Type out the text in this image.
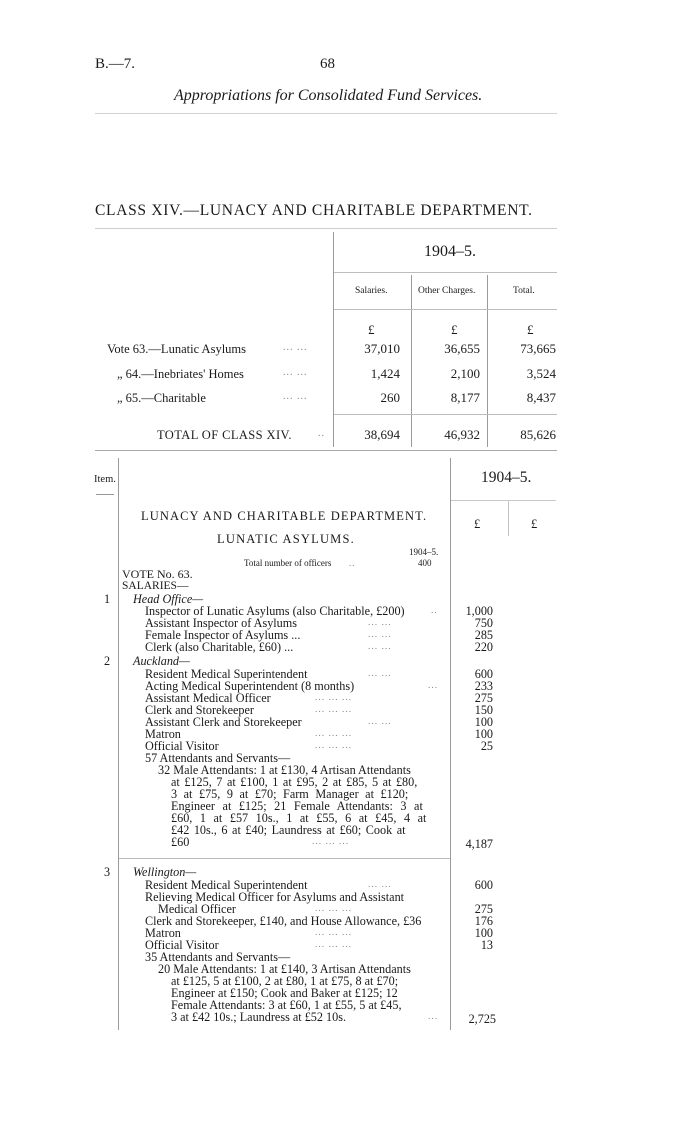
B.—7.	68
Appropriations for Consolidated Fund Services.
CLASS XIV.—LUNACY AND CHARITABLE DEPARTMENT.
1904–5.
Salaries.	Other Charges.	Total.
£	£	£
Vote 63.—Lunatic Asylums	... ...	37,010	36,655	73,665
„ 64.—Inebriates' Homes	... ...	1,424	2,100	3,524
„ 65.—Charitable	... ...	260	8,177	8,437
TOTAL OF CLASS XIV.	..	38,694	46,932	85,626
Item.	1904–5.
£	£
LUNACY AND CHARITABLE DEPARTMENT.
LUNATIC ASYLUMS.
1904–5.
Total number of officers ..	400
VOTE No. 63.
SALARIES—
1 Head Office—
Inspector of Lunatic Asylums (also Charitable, £200)	..	1,000
Assistant Inspector of Asylums	... ...	750
Female Inspector of Asylums ...	... ...	285
Clerk (also Charitable, £60) ...	... ...	220
2 Auckland—
Resident Medical Superintendent	... ...	600
Acting Medical Superintendent (8 months)	...	233
Assistant Medical Officer	... ... ...	275
Clerk and Storekeeper	... ... ...	150
Assistant Clerk and Storekeeper	... ...	100
Matron	... ... ...	100
Official Visitor	... ... ...	25
57 Attendants and Servants—
32 Male Attendants: 1 at £130, 4 Artisan Attendants
at £125, 7 at £100, 1 at £95, 2 at £85, 5 at £80,
3 at £75, 9 at £70; Farm Manager at £120;
Engineer at £125; 21 Female Attendants: 3 at
£60, 1 at £57 10s., 1 at £55, 6 at £45, 4 at
£42 10s., 6 at £40; Laundress at £60; Cook at
£60	... ... ...	4,187
3 Wellington—
Resident Medical Superintendent	... ...	600
Relieving Medical Officer for Asylums and Assistant
Medical Officer	... ... ...	275
Clerk and Storekeeper, £140, and House Allowance, £36	176
Matron	... ... ...	100
Official Visitor	... ... ...	13
35 Attendants and Servants—
20 Male Attendants: 1 at £140, 3 Artisan Attendants
at £125, 5 at £100, 2 at £80, 1 at £75, 8 at £70;
Engineer at £150; Cook and Baker at £125; 12
Female Attendants: 3 at £60, 1 at £55, 5 at £45,
3 at £42 10s.; Laundress at £52 10s.	...	2,725
